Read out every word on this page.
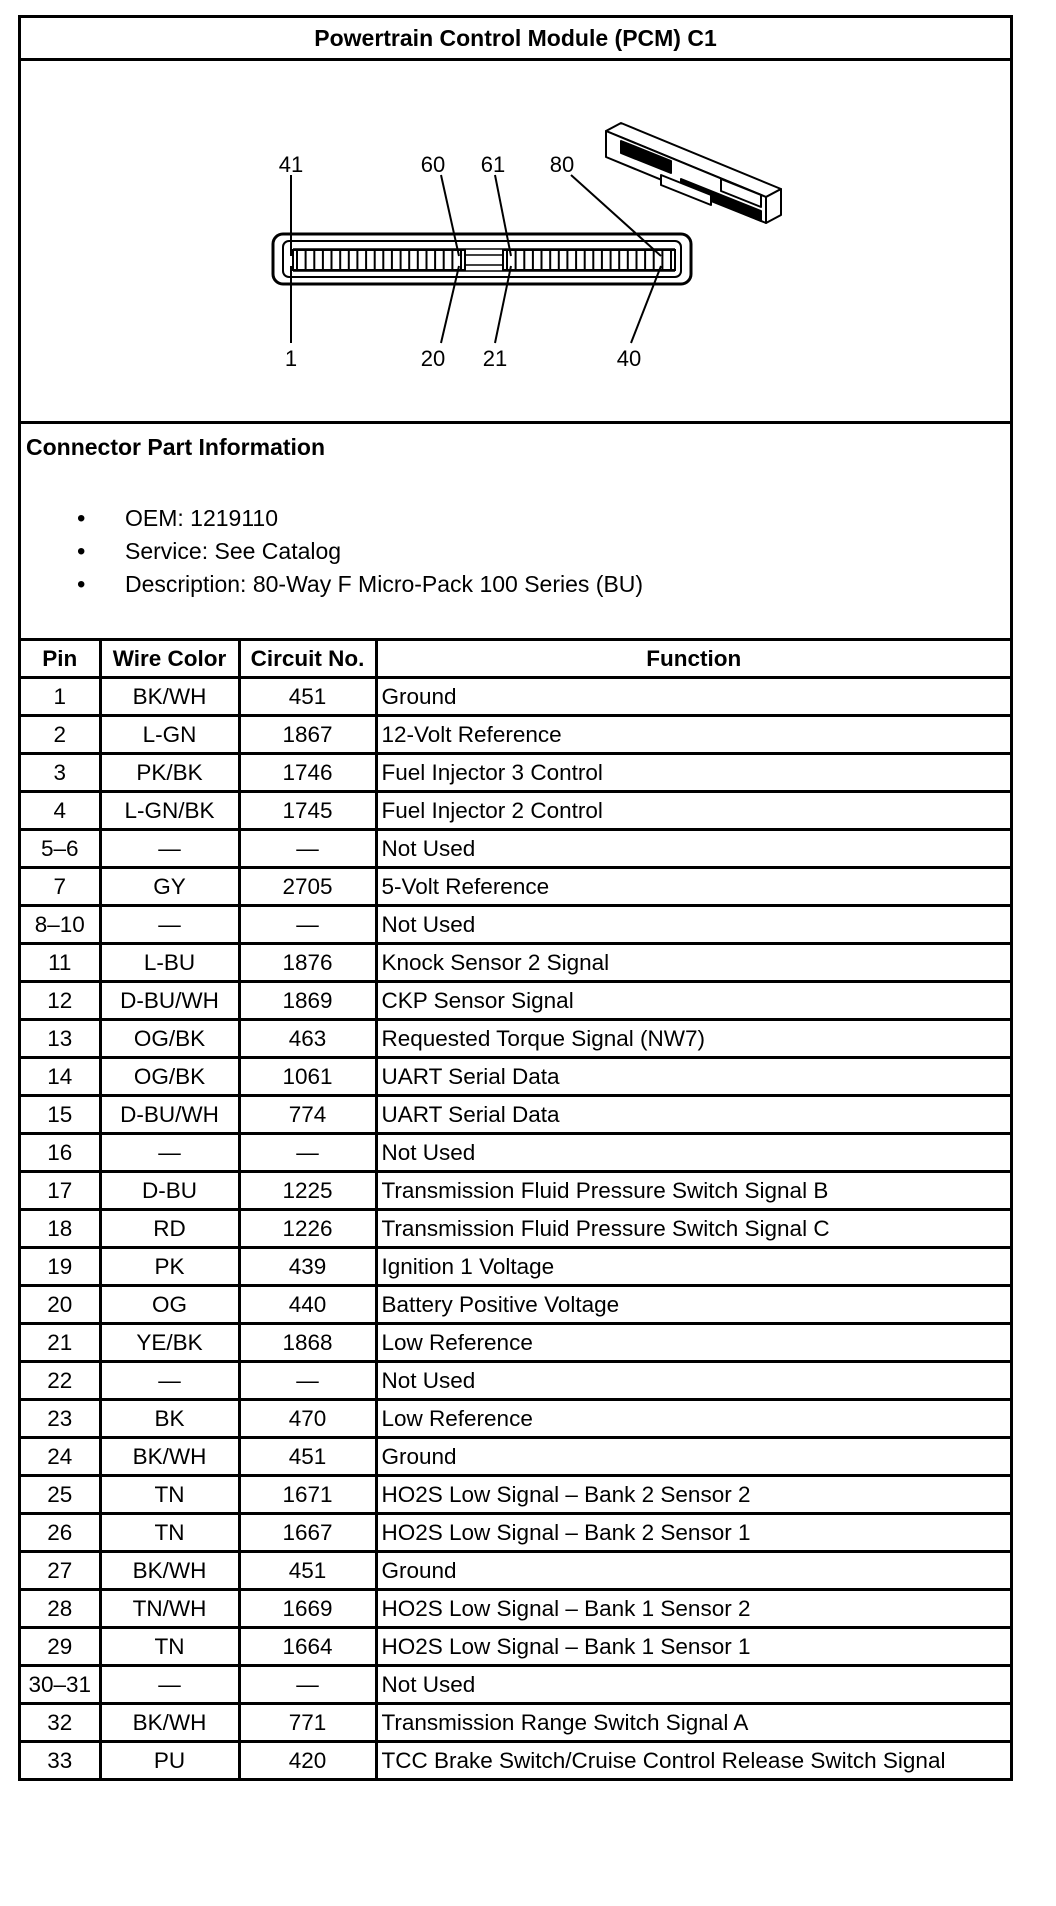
Powertrain Control Module (PCM) C1
41	60 61 80
1	20 21	40
Connector Part Information
• OEM: 1219110
• Service: See Catalog
• Description: 80-Way F Micro-Pack 100 Series (BU)
Pin	Wire Color	Circuit No.	Function
1	BK/WH	451	Ground
2	L-GN	1867	12-Volt Reference
3	PK/BK	1746	Fuel Injector 3 Control
4	L-GN/BK	1745	Fuel Injector 2 Control
5–6	—	—	Not Used
7	GY	2705	5-Volt Reference
8–10	—	—	Not Used
11	L-BU	1876	Knock Sensor 2 Signal
12	D-BU/WH	1869	CKP Sensor Signal
13	OG/BK	463	Requested Torque Signal (NW7)
14	OG/BK	1061	UART Serial Data
15	D-BU/WH	774	UART Serial Data
16	—	—	Not Used
17	D-BU	1225	Transmission Fluid Pressure Switch Signal B
18	RD	1226	Transmission Fluid Pressure Switch Signal C
19	PK	439	Ignition 1 Voltage
20	OG	440	Battery Positive Voltage
21	YE/BK	1868	Low Reference
22	—	—	Not Used
23	BK	470	Low Reference
24	BK/WH	451	Ground
25	TN	1671	HO2S Low Signal – Bank 2 Sensor 2
26	TN	1667	HO2S Low Signal – Bank 2 Sensor 1
27	BK/WH	451	Ground
28	TN/WH	1669	HO2S Low Signal – Bank 1 Sensor 2
29	TN	1664	HO2S Low Signal – Bank 1 Sensor 1
30–31	—	—	Not Used
32	BK/WH	771	Transmission Range Switch Signal A
33	PU	420	TCC Brake Switch/Cruise Control Release Switch Signal
